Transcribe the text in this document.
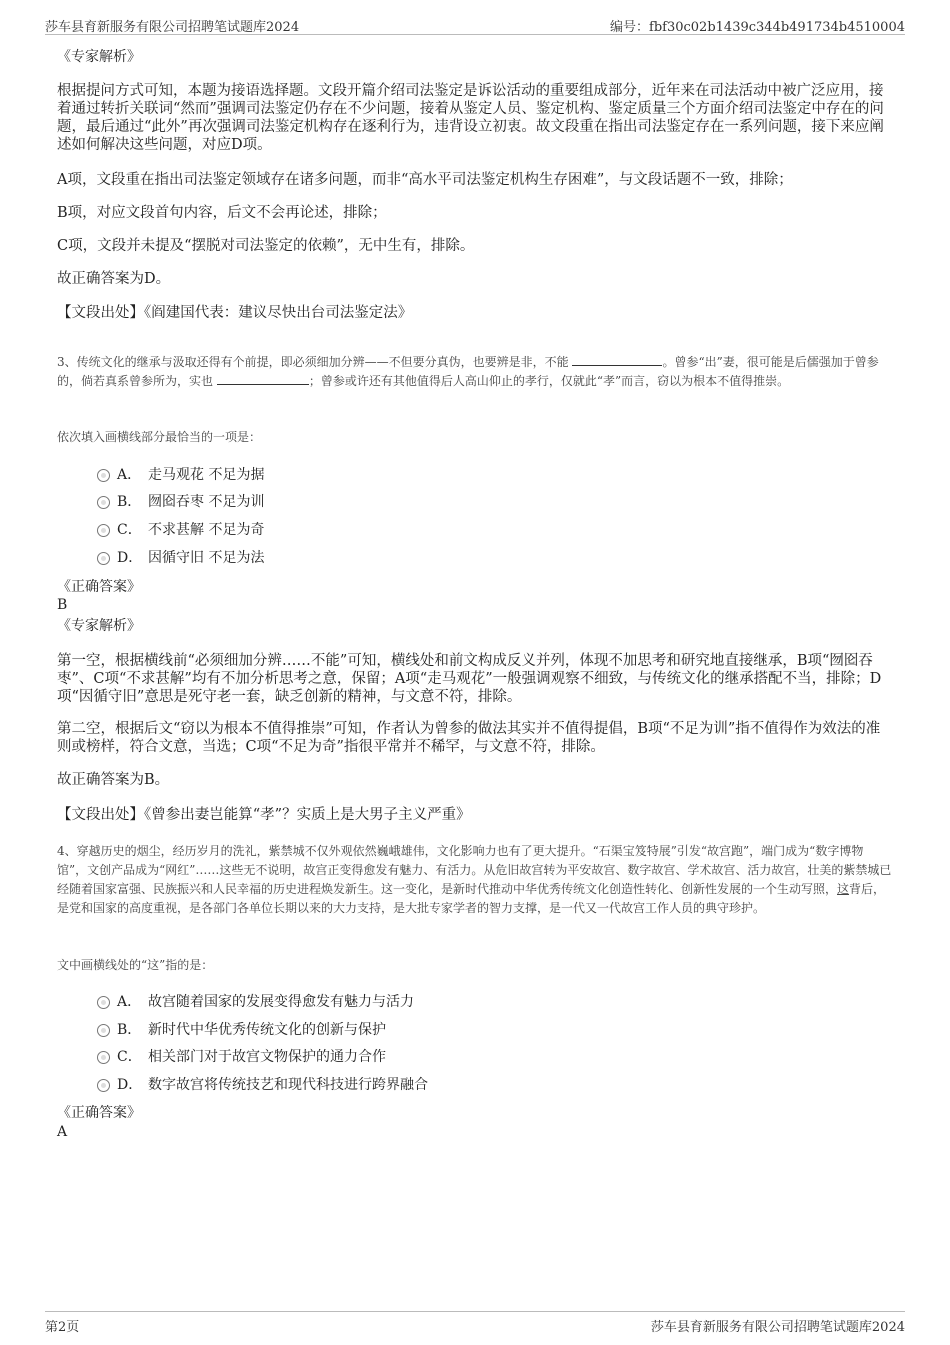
莎车县育新服务有限公司招聘笔试题库2024	编号：fbf30c02b1439c344b491734b4510004
《专家解析》
根据提问方式可知，本题为接语选择题。文段开篇介绍司法鉴定是诉讼活动的重要组成部分，近年来在司法活动中被广泛应用，接着通过转折关联词“然而”强调司法鉴定仍存在不少问题，接着从鉴定人员、鉴定机构、鉴定质量三个方面介绍司法鉴定中存在的问题，最后通过“此外”再次强调司法鉴定机构存在逐利行为，违背设立初衷。故文段重在指出司法鉴定存在一系列问题，接下来应阐述如何解决这些问题，对应D项。
A项，文段重在指出司法鉴定领域存在诸多问题，而非“高水平司法鉴定机构生存困难”，与文段话题不一致，排除；
B项，对应文段首句内容，后文不会再论述，排除；
C项，文段并未提及“摆脱对司法鉴定的依赖”，无中生有，排除。
故正确答案为D。
【文段出处】《阎建国代表：建议尽快出台司法鉴定法》
3、传统文化的继承与汲取还得有个前提，即必须细加分辨——不但要分真伪，也要辨是非，不能	。曾参“出”妻，很可能是后儒强加于曾参的，倘若真系曾参所为，实也	；曾参或许还有其他值得后人高山仰止的孝行，仅就此“孝”而言，窃以为根本不值得推崇。
依次填入画横线部分最恰当的一项是：
A． 走马观花 不足为据
B． 囫囵吞枣 不足为训
C． 不求甚解 不足为奇
D． 因循守旧 不足为法
《正确答案》
B
《专家解析》
第一空，根据横线前“必须细加分辨……不能”可知，横线处和前文构成反义并列，体现不加思考和研究地直接继承，B项“囫囵吞枣”、C项“不求甚解”均有不加分析思考之意，保留；A项“走马观花”一般强调观察不细致，与传统文化的继承搭配不当，排除；D项“因循守旧”意思是死守老一套，缺乏创新的精神，与文意不符，排除。
第二空，根据后文“窃以为根本不值得推崇”可知，作者认为曾参的做法其实并不值得提倡，B项“不足为训”指不值得作为效法的准则或榜样，符合文意，当选；C项“不足为奇”指很平常并不稀罕，与文意不符，排除。
故正确答案为B。
【文段出处】《曾参出妻岂能算“孝”？实质上是大男子主义严重》
4、穿越历史的烟尘，经历岁月的洗礼，紫禁城不仅外观依然巍峨雄伟，文化影响力也有了更大提升。“石渠宝笈特展”引发“故宫跑”，端门成为“数字博物馆”，文创产品成为“网红”……这些无不说明，故宫正变得愈发有魅力、有活力。从危旧故宫转为平安故宫、数字故宫、学术故宫、活力故宫，壮美的紫禁城已经随着国家富强、民族振兴和人民幸福的历史进程焕发新生。这一变化，是新时代推动中华优秀传统文化创造性转化、创新性发展的一个生动写照，这背后，是党和国家的高度重视，是各部门各单位长期以来的大力支持，是大批专家学者的智力支撑，是一代又一代故宫工作人员的典守珍护。
文中画横线处的“这”指的是：
A． 故宫随着国家的发展变得愈发有魅力与活力
B． 新时代中华优秀传统文化的创新与保护
C． 相关部门对于故宫文物保护的通力合作
D． 数字故宫将传统技艺和现代科技进行跨界融合
《正确答案》
A
第2页	莎车县育新服务有限公司招聘笔试题库2024
